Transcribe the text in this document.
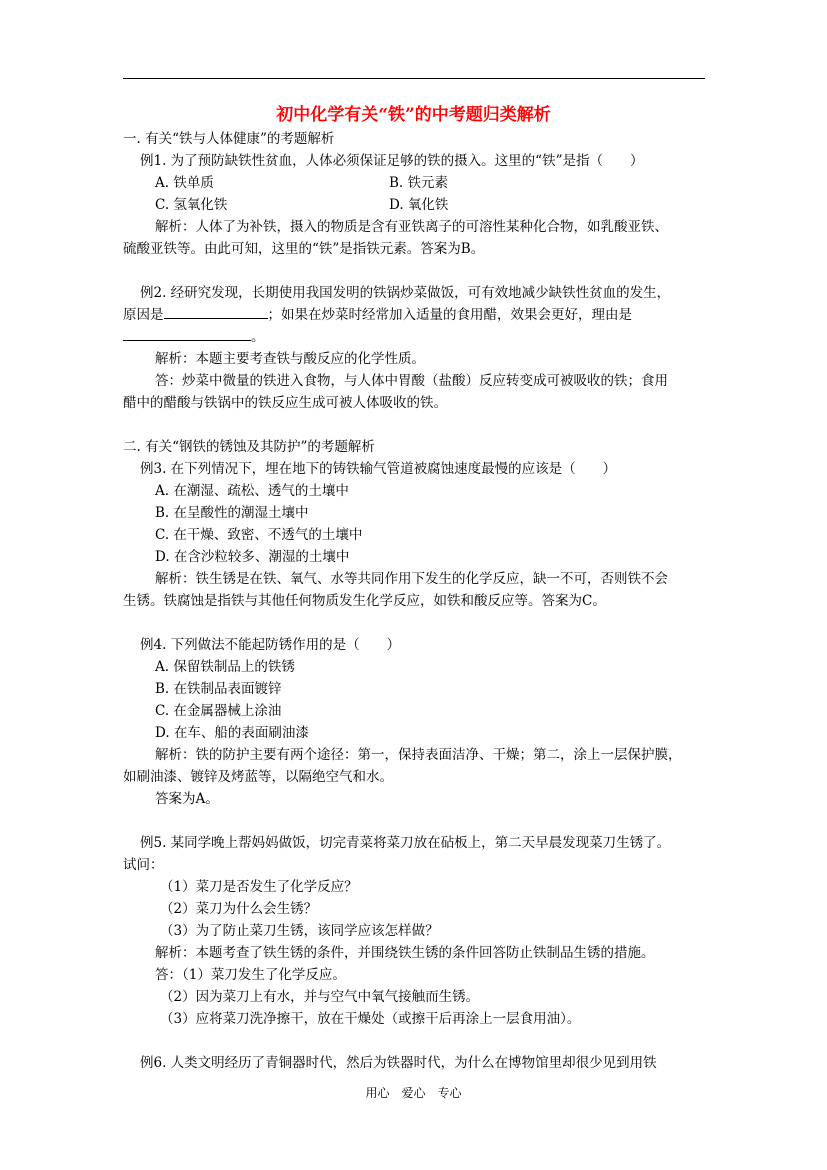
初中化学有关“铁”的中考题归类解析
一. 有关“铁与人体健康”的考题解析
例1. 为了预防缺铁性贫血，人体必须保证足够的铁的摄入。这里的“铁”是指（　　）
A. 铁单质	B. 铁元素
C. 氢氧化铁	D. 氧化铁
解析：人体了为补铁，摄入的物质是含有亚铁离子的可溶性某种化合物，如乳酸亚铁、
硫酸亚铁等。由此可知，这里的“铁”是指铁元素。答案为B。
例2. 经研究发现，长期使用我国发明的铁锅炒菜做饭，可有效地减少缺铁性贫血的发生，
原因是	；如果在炒菜时经常加入适量的食用醋，效果会更好，理由是
。
解析：本题主要考查铁与酸反应的化学性质。
答：炒菜中微量的铁进入食物，与人体中胃酸（盐酸）反应转变成可被吸收的铁；食用
醋中的醋酸与铁锅中的铁反应生成可被人体吸收的铁。
二. 有关“钢铁的锈蚀及其防护”的考题解析
例3. 在下列情况下，埋在地下的铸铁输气管道被腐蚀速度最慢的应该是（　　）
A. 在潮湿、疏松、透气的土壤中
B. 在呈酸性的潮湿土壤中
C. 在干燥、致密、不透气的土壤中
D. 在含沙粒较多、潮湿的土壤中
解析：铁生锈是在铁、氧气、水等共同作用下发生的化学反应，缺一不可，否则铁不会
生锈。铁腐蚀是指铁与其他任何物质发生化学反应，如铁和酸反应等。答案为C。
例4. 下列做法不能起防锈作用的是（　　）
A. 保留铁制品上的铁锈
B. 在铁制品表面镀锌
C. 在金属器械上涂油
D. 在车、船的表面刷油漆
解析：铁的防护主要有两个途径：第一，保持表面洁净、干燥；第二，涂上一层保护膜，
如刷油漆、镀锌及烤蓝等，以隔绝空气和水。
答案为A。
例5. 某同学晚上帮妈妈做饭，切完青菜将菜刀放在砧板上，第二天早晨发现菜刀生锈了。
试问：
（1）菜刀是否发生了化学反应？
（2）菜刀为什么会生锈？
（3）为了防止菜刀生锈，该同学应该怎样做？
解析：本题考查了铁生锈的条件，并围绕铁生锈的条件回答防止铁制品生锈的措施。
答：（1）菜刀发生了化学反应。
（2）因为菜刀上有水，并与空气中氧气接触而生锈。
（3）应将菜刀洗净擦干，放在干燥处（或擦干后再涂上一层食用油）。
例6. 人类文明经历了青铜器时代，然后为铁器时代，为什么在博物馆里却很少见到用铁
用心　爱心　专心
